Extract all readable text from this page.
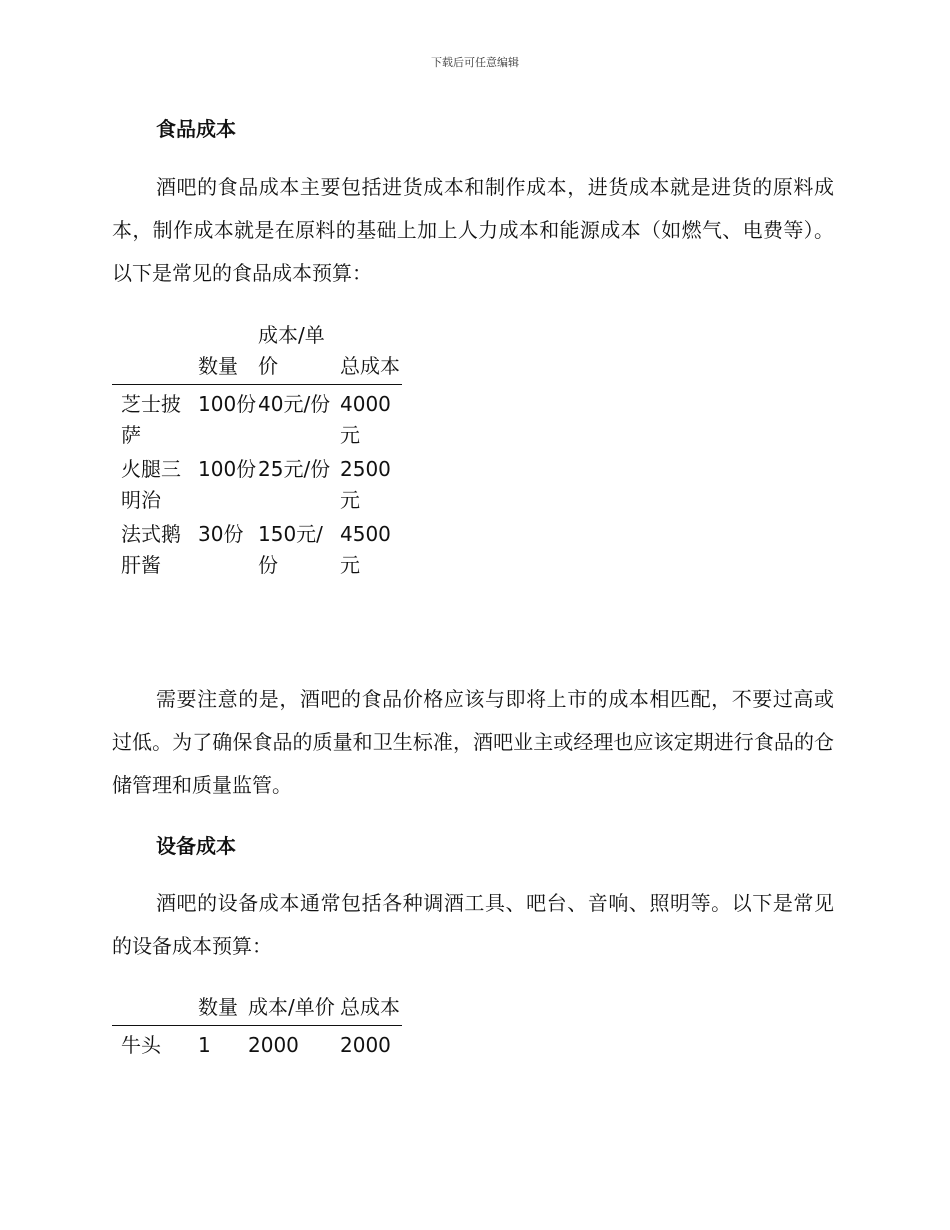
下载后可任意编辑
食品成本

酒吧的食品成本主要包括进货成本和制作成本，进货成本就是进货的原料成本，制作成本就是在原料的基础上加上人力成本和能源成本（如燃气、电费等）。以下是常见的食品成本预算：

	数量	成本/单价	总成本
芝士披萨	100份	40元/份	4000元
火腿三明治	100份	25元/份	2500元
法式鹅肝酱	30份	150元/份	4500元

需要注意的是，酒吧的食品价格应该与即将上市的成本相匹配，不要过高或过低。为了确保食品的质量和卫生标准，酒吧业主或经理也应该定期进行食品的仓储管理和质量监管。

设备成本

酒吧的设备成本通常包括各种调酒工具、吧台、音响、照明等。以下是常见的设备成本预算：

	数量	成本/单价	总成本
牛头	1	2000	2000
